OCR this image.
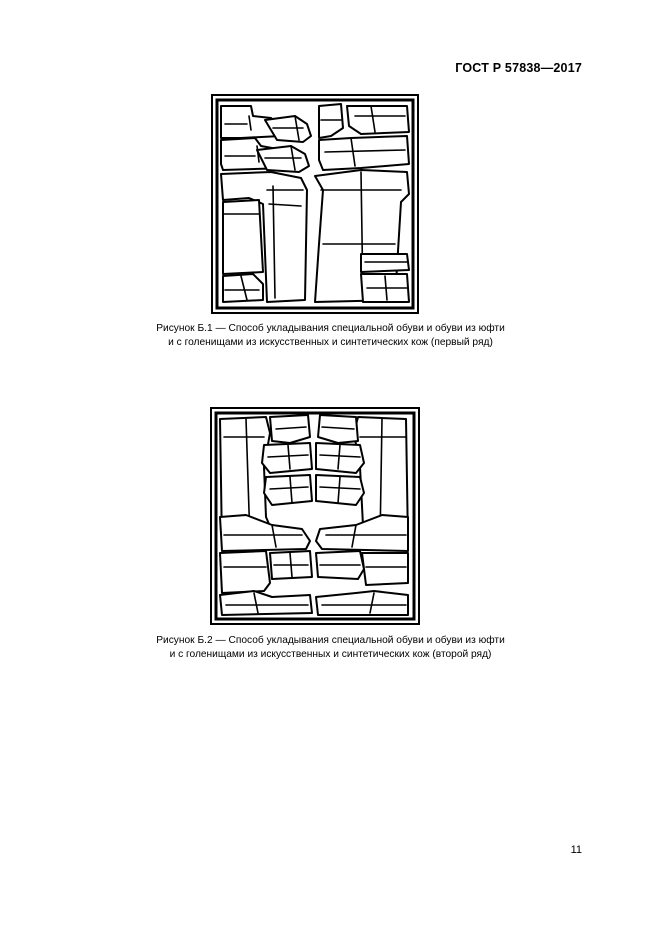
ГОСТ Р 57838—2017
Рисунок Б.1 — Способ укладывания специальной обуви и обуви из юфти
и с голенищами из искусственных и синтетических кож (первый ряд)
Рисунок Б.2 — Способ укладывания специальной обуви и обуви из юфти
и с голенищами из искусственных и синтетических кож (второй ряд)
11
